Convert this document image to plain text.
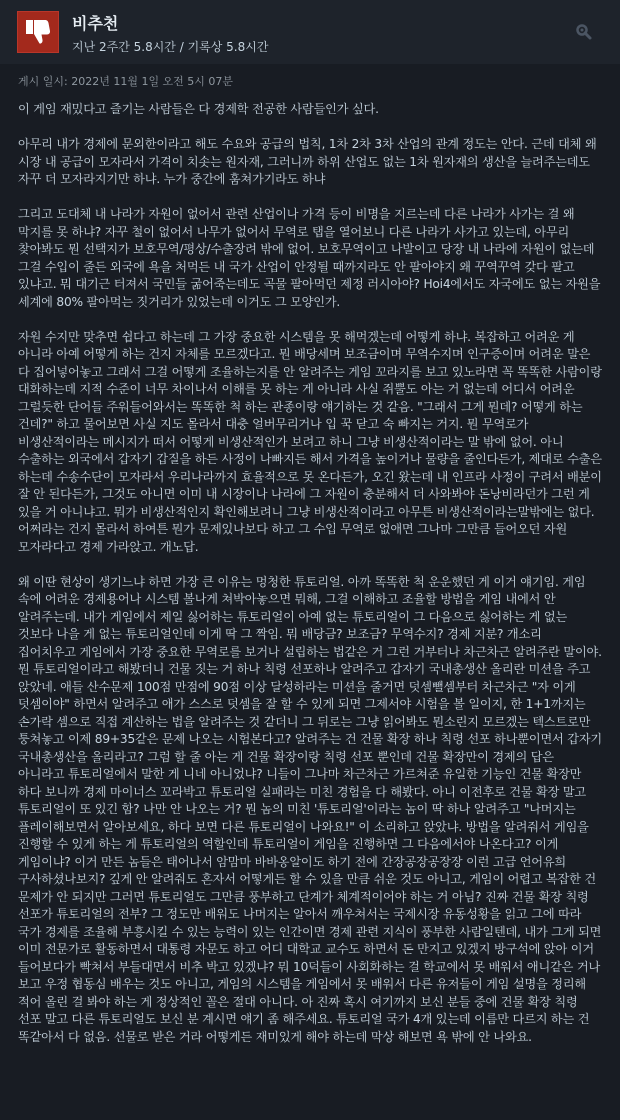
비추천
지난 2주간 5.8시간 / 기록상 5.8시간
게시 일시: 2022년 11월 1일 오전 5시 07분

이 게임 재밌다고 즐기는 사람들은 다 경제학 전공한 사람들인가 싶다.

아무리 내가 경제에 문외한이라고 해도 수요와 공급의 법칙, 1차 2차 3차 산업의 관계 정도는 안다. 근데 대체 왜 시장 내 공급이 모자라서 가격이 치솟는 원자재, 그러니까 하위 산업도 없는 1차 원자재의 생산을 늘려주는데도 자꾸 더 모자라지기만 하냐. 누가 중간에 훔쳐가기라도 하냐

그리고 도대체 내 나라가 자원이 없어서 관련 산업이나 가격 등이 비명을 지르는데 다른 나라가 사가는 걸 왜 막지를 못 하냐? 자꾸 철이 없어서 나무가 없어서 무역로 탭을 열어보니 다른 나라가 사가고 있는데, 아무리 찾아봐도 뭔 선택지가 보호무역/평상/수출장려 밖에 없어. 보호무역이고 나발이고 당장 내 나라에 자원이 없는데 그걸 수입이 줄든 외국에 욕을 처먹든 내 국가 산업이 안정될 때까지라도 안 팔아야지 왜 꾸역꾸역 갖다 팔고 있냐고. 뭐 대기근 터져서 국민들 굶어죽는데도 곡물 팔아먹던 제정 러시아야? Hoi4에서도 자국에도 없는 자원을 세계에 80% 팔아먹는 짓거리가 있었는데 이거도 그 모양인가.

자원 수지만 맞추면 쉽다고 하는데 그 가장 중요한 시스템을 못 해먹겠는데 어떻게 하냐. 복잡하고 어려운 게 아니라 아예 어떻게 하는 건지 자체를 모르겠다고. 뭔 배당세며 보조금이며 무역수지며 인구증이며 어려운 말은 다 집어넣어놓고 그래서 그걸 어떻게 조율하는지를 안 알려주는 게임 꼬라지를 보고 있노라면 꼭 똑똑한 사람이랑 대화하는데 지적 수준이 너무 차이나서 이해를 못 하는 게 아니라 사실 쥐뿔도 아는 거 없는데 어디서 어려운 그럴듯한 단어들 주워들어와서는 똑똑한 척 하는 관종이랑 얘기하는 것 같음. "그래서 그게 뭔데? 어떻게 하는 건데?" 하고 물어보면 사실 지도 몰라서 대충 얼버무리거나 입 꾹 닫고 숙 빠지는 거지. 뭔 무역로가 비생산적이라는 메시지가 떠서 어떻게 비생산적인가 보려고 하니 그냥 비생산적이라는 말 밖에 없어. 아니 수출하는 외국에서 갑자기 갑질을 하든 사정이 나빠지든 해서 가격을 높이거나 물량을 줄인다든가, 제대로 수출은 하는데 수송수단이 모자라서 우리나라까지 효율적으로 못 온다든가, 오긴 왔는데 내 인프라 사정이 구려서 배분이 잘 안 된다든가, 그것도 아니면 이미 내 시장이나 나라에 그 자원이 충분해서 더 사와봐야 돈낭비라던가 그런 게 있을 거 아니냐고. 뭐가 비생산적인지 확인해보려니 그냥 비생산적이라고 아무튼 비생산적이라는말밖에는 없다. 어쩌라는 건지 몰라서 하여튼 뭔가 문제있나보다 하고 그 수입 무역로 없애면 그나마 그만큼 들어오던 자원 모자라다고 경제 가라앉고. 개노답.

왜 이딴 현상이 생기느냐 하면 가장 큰 이유는 멍청한 튜토리얼. 아까 똑똑한 척 운운했던 게 이거 얘기임. 게임 속에 어려운 경제용어나 시스템 볼나게 쳐박아놓으면 뭐해, 그걸 이해하고 조율할 방법을 게임 내에서 안 알려주는데. 내가 게임에서 제일 싫어하는 튜토리얼이 아예 없는 튜토리얼이 그 다음으로 싫어하는 게 없는 것보다 나을 게 없는 튜토리얼인데 이게 딱 그 짝임. 뭐 배당금? 보조금? 무역수지? 경제 지분? 개소리 집어치우고 게임에서 가장 중요한 무역로를 보거나 설립하는 법같은 거 그런 거부터나 차근차근 알려주란 말이야. 뭔 튜토리얼이라고 해봤더니 건물 짓는 거 하나 칙령 선포하나 알려주고 갑자기 국내총생산 올리란 미션을 주고 앉았네. 애들 산수문제 100점 만점에 90점 이상 달성하라는 미션을 줄거면 덧셈뺄셈부터 차근차근 "자 이게 덧셈이야" 하면서 알려주고 애가 스스로 덧셈을 잘 할 수 있게 되면 그제서야 시험을 볼 일이지, 한 1+1까지는 손가락 셈으로 직접 계산하는 법을 알려주는 것 같더니 그 뒤로는 그냥 읽어봐도 뭔소린지 모르겠는 텍스트로만 퉁쳐놓고 이제 89+35같은 문제 나오는 시험본다고? 알려주는 건 건물 확장 하나 칙령 선포 하나뿐이면서 갑자기 국내총생산을 올리라고? 그럼 할 줄 아는 게 건물 확장이랑 칙령 선포 뿐인데 건물 확장만이 경제의 답은 아니라고 튜토리얼에서 말한 게 니네 아니었냐? 니들이 그나마 차근차근 가르쳐준 유일한 기능인 건물 확장만 하다 보니까 경제 마이너스 꼬라박고 튜토리얼 실패라는 미친 경험을 다 해봤다. 아니 이전후로 건물 확장 말고 튜토리얼이 또 있긴 함? 나만 안 나오는 거? 뭔 놈의 미친 '튜토리얼'이라는 놈이 딱 하나 알려주고 "나머지는 플레이해보면서 알아보세요, 하다 보면 다른 튜토리얼이 나와요!" 이 소리하고 앉았냐. 방법을 알려줘서 게임을 진행할 수 있게 하는 게 튜토리얼의 역할인데 튜토리얼이 게임을 진행하면 그 다음에서야 나온다고? 이게 게임이냐? 이거 만든 놈들은 태어나서 암맘마 바바옹알이도 하기 전에 간장공장공장장 이런 고급 언어유희 구사하셨나보지? 깊게 안 알려줘도 혼자서 어떻게든 할 수 있을 만큼 쉬운 것도 아니고, 게임이 어렵고 복잡한 건 문제가 안 되지만 그러면 튜토리얼도 그만큼 풍부하고 단계가 체계적이어야 하는 거 아님? 진짜 건물 확장 칙령 선포가 튜토리얼의 전부? 그 정도만 배워도 나머지는 알아서 깨우쳐서는 국제시장 유동성황을 읽고 그에 따라 국가 경제를 조율해 부흥시킬 수 있는 능력이 있는 인간이면 경제 관련 지식이 풍부한 사람일텐데, 내가 그게 되면 이미 전문가로 활동하면서 대통령 자문도 하고 어디 대학교 교수도 하면서 돈 만지고 있겠지 방구석에 앉아 이거 들어보다가 빡쳐서 부들대면서 비추 박고 있겠냐? 뭐 10덕들이 사회화하는 걸 학교에서 못 배워서 애니같은 거나 보고 우정 협동심 배우는 것도 아니고, 게임의 시스템을 게임에서 못 배워서 다른 유저들이 게임 설명을 정리해 적어 올린 걸 봐야 하는 게 정상적인 꼴은 절대 아니다. 아 진짜 혹시 여기까지 보신 분들 중에 건물 확장 칙령 선포 말고 다른 튜토리얼도 보신 분 계시면 얘기 좀 해주세요. 튜토리얼 국가 4개 있는데 이름만 다르지 하는 건 똑같아서 다 없음. 선물로 받은 거라 어떻게든 재미있게 해야 하는데 막상 해보면 욕 밖에 안 나와요.
